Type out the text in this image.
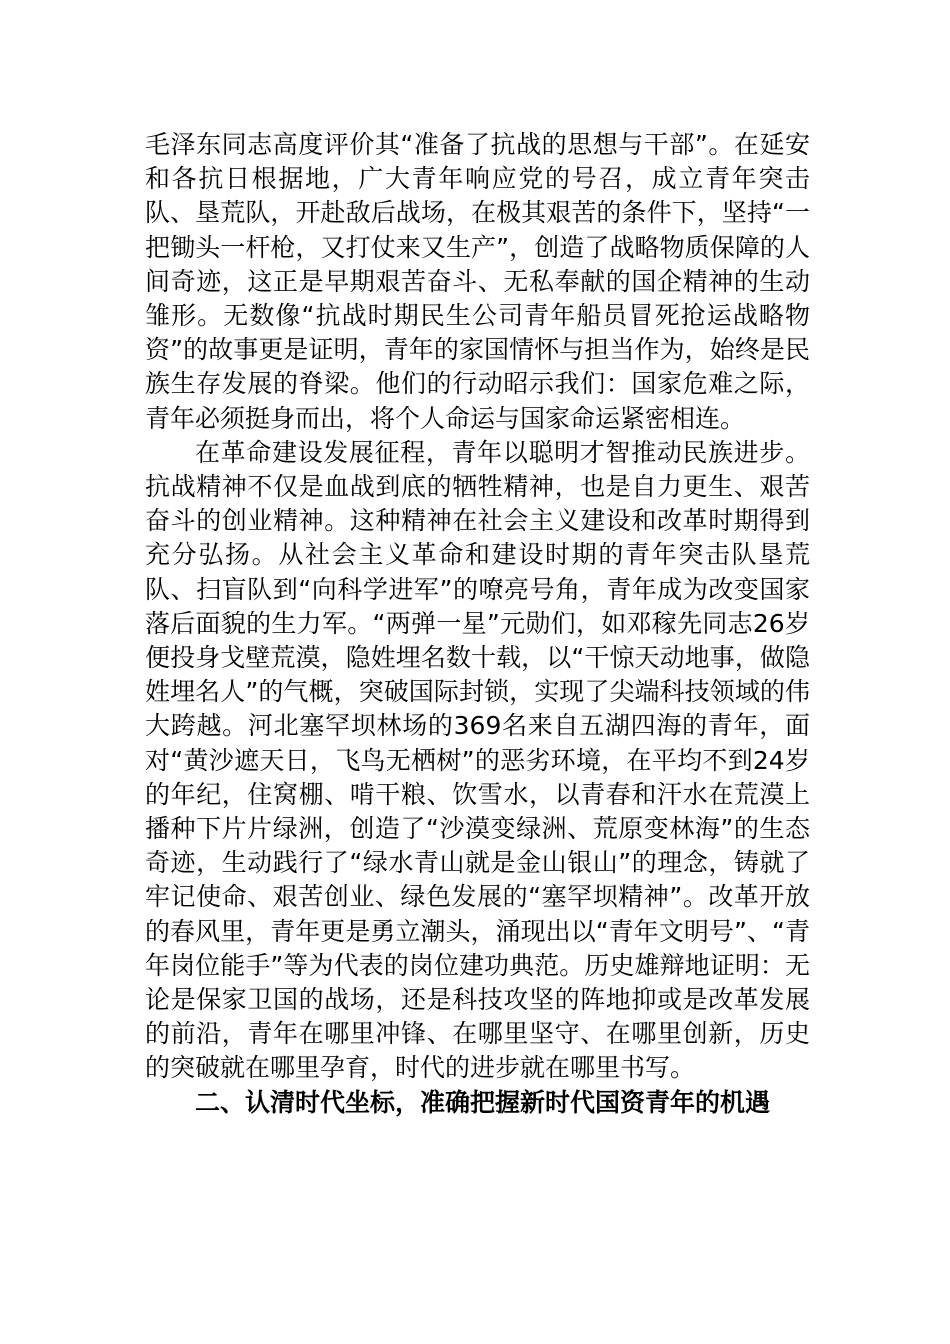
毛泽东同志高度评价其“准备了抗战的思想与干部”。在延安和各抗日根据地，广大青年响应党的号召，成立青年突击队、垦荒队，开赴敌后战场，在极其艰苦的条件下，坚持“一把锄头一杆枪，又打仗来又生产”，创造了战略物质保障的人间奇迹，这正是早期艰苦奋斗、无私奉献的国企精神的生动雏形。无数像“抗战时期民生公司青年船员冒死抢运战略物资”的故事更是证明，青年的家国情怀与担当作为，始终是民族生存发展的脊梁。他们的行动昭示我们：国家危难之际，青年必须挺身而出，将个人命运与国家命运紧密相连。

在革命建设发展征程，青年以聪明才智推动民族进步。抗战精神不仅是血战到底的牺牲精神，也是自力更生、艰苦奋斗的创业精神。这种精神在社会主义建设和改革时期得到充分弘扬。从社会主义革命和建设时期的青年突击队垦荒队、扫盲队到“向科学进军”的嘹亮号角，青年成为改变国家落后面貌的生力军。“两弹一星”元勋们，如邓稼先同志26岁便投身戈壁荒漠，隐姓埋名数十载，以“干惊天动地事，做隐姓埋名人”的气概，突破国际封锁，实现了尖端科技领域的伟大跨越。河北塞罕坝林场的369名来自五湖四海的青年，面对“黄沙遮天日，飞鸟无栖树”的恶劣环境，在平均不到24岁的年纪，住窝棚、啃干粮、饮雪水，以青春和汗水在荒漠上播种下片片绿洲，创造了“沙漠变绿洲、荒原变林海”的生态奇迹，生动践行了“绿水青山就是金山银山”的理念，铸就了牢记使命、艰苦创业、绿色发展的“塞罕坝精神”。改革开放的春风里，青年更是勇立潮头，涌现出以“青年文明号”、“青年岗位能手”等为代表的岗位建功典范。历史雄辩地证明：无论是保家卫国的战场，还是科技攻坚的阵地抑或是改革发展的前沿，青年在哪里冲锋、在哪里坚守、在哪里创新，历史的突破就在哪里孕育，时代的进步就在哪里书写。

二、认清时代坐标，准确把握新时代国资青年的机遇
